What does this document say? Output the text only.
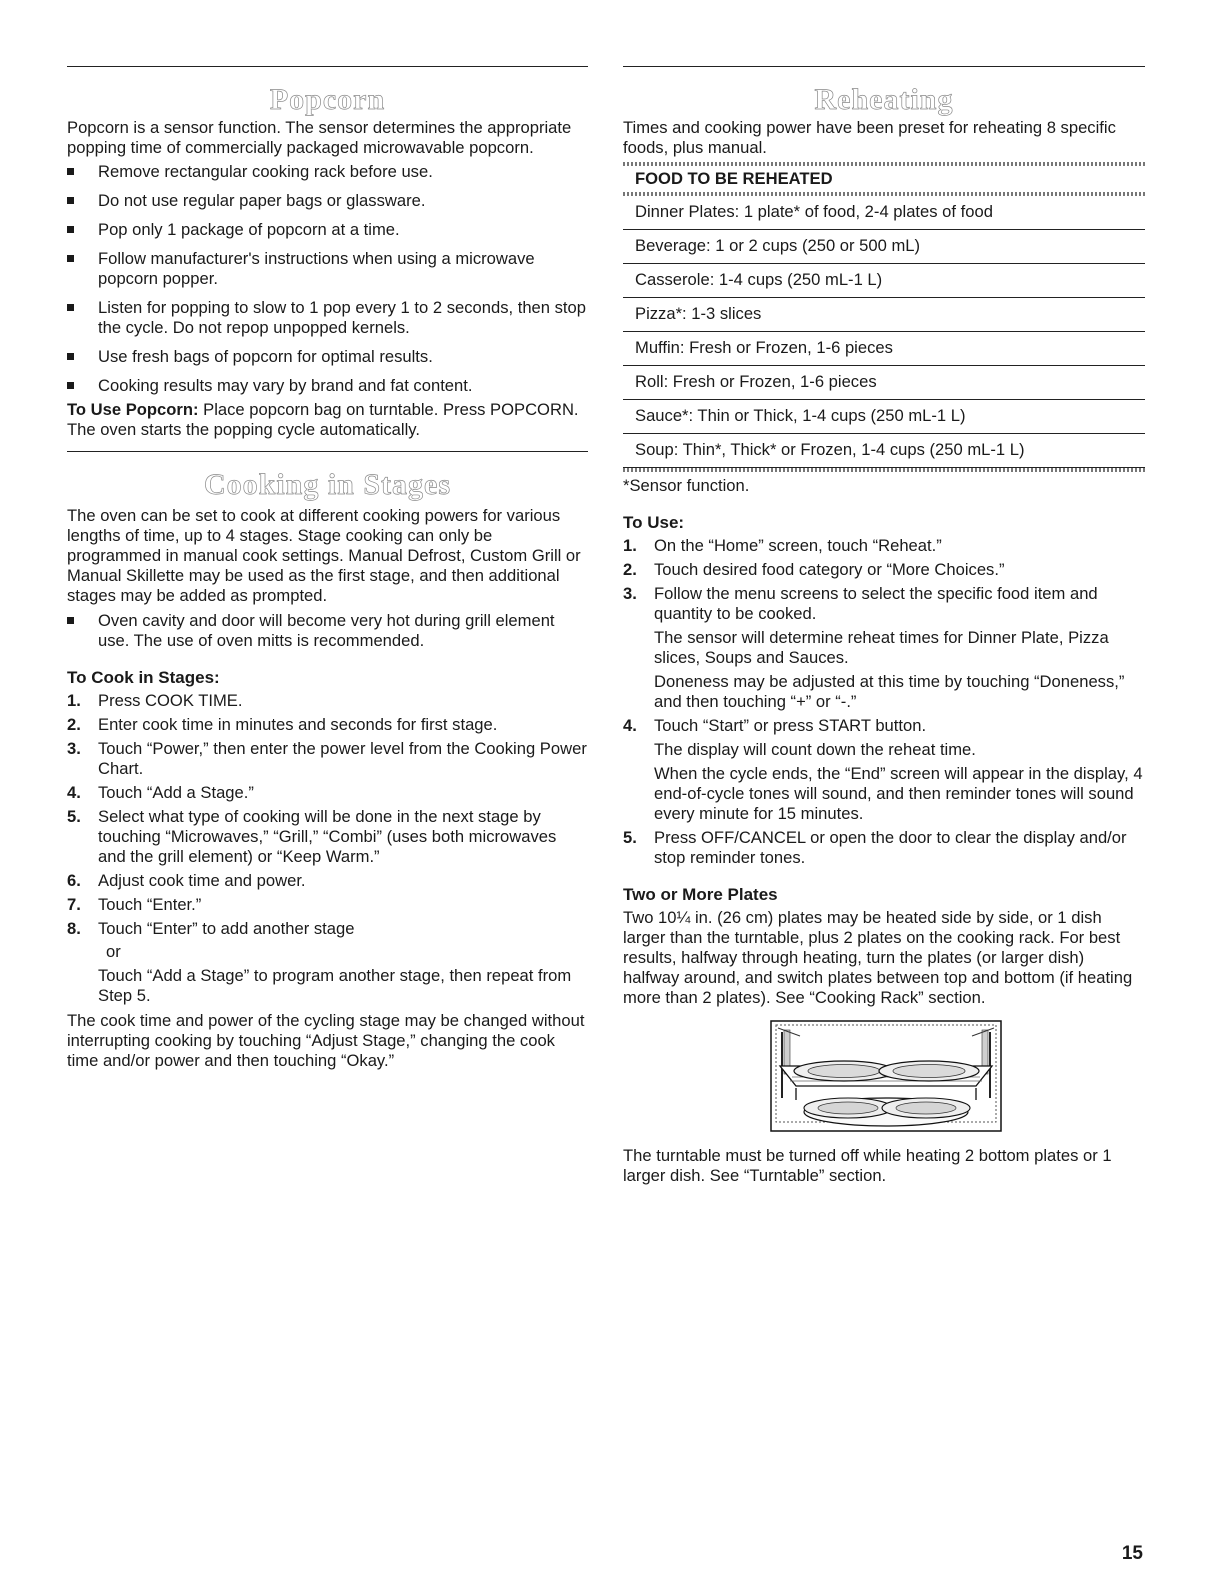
Popcorn

Popcorn is a sensor function. The sensor determines the appropriate popping time of commercially packaged microwavable popcorn.

Remove rectangular cooking rack before use.
Do not use regular paper bags or glassware.
Pop only 1 package of popcorn at a time.
Follow manufacturer's instructions when using a microwave popcorn popper.
Listen for popping to slow to 1 pop every 1 to 2 seconds, then stop the cycle. Do not repop unpopped kernels.
Use fresh bags of popcorn for optimal results.
Cooking results may vary by brand and fat content.

To Use Popcorn: Place popcorn bag on turntable. Press POPCORN. The oven starts the popping cycle automatically.

Cooking in Stages

The oven can be set to cook at different cooking powers for various lengths of time, up to 4 stages. Stage cooking can only be programmed in manual cook settings. Manual Defrost, Custom Grill or Manual Skillette may be used as the first stage, and then additional stages may be added as prompted.

Oven cavity and door will become very hot during grill element use. The use of oven mitts is recommended.
To Cook in Stages:
1. Press COOK TIME.
2. Enter cook time in minutes and seconds for first stage.
3. Touch “Power,” then enter the power level from the Cooking Power Chart.
4. Touch “Add a Stage.”
5. Select what type of cooking will be done in the next stage by touching “Microwaves,” “Grill,” “Combi” (uses both microwaves and the grill element) or “Keep Warm.”
6. Adjust cook time and power.
7. Touch “Enter.”
8. Touch “Enter” to add another stage
or
Touch “Add a Stage” to program another stage, then repeat from Step 5.

The cook time and power of the cycling stage may be changed without interrupting cooking by touching “Adjust Stage,” changing the cook time and/or power and then touching “Okay.”

Reheating

Times and cooking power have been preset for reheating 8 specific foods, plus manual.

FOOD TO BE REHEATED
Dinner Plates: 1 plate* of food, 2-4 plates of food
Beverage: 1 or 2 cups (250 or 500 mL)
Casserole: 1-4 cups (250 mL-1 L)
Pizza*: 1-3 slices
Muffin: Fresh or Frozen, 1-6 pieces
Roll: Fresh or Frozen, 1-6 pieces
Sauce*: Thin or Thick, 1-4 cups (250 mL-1 L)
Soup: Thin*, Thick* or Frozen, 1-4 cups (250 mL-1 L)

*Sensor function.

To Use:
1. On the “Home” screen, touch “Reheat.”
2. Touch desired food category or “More Choices.”
3. Follow the menu screens to select the specific food item and quantity to be cooked.
The sensor will determine reheat times for Dinner Plate, Pizza slices, Soups and Sauces.
Doneness may be adjusted at this time by touching “Doneness,” and then touching “+” or “-.”
4. Touch “Start” or press START button.
The display will count down the reheat time.
When the cycle ends, the “End” screen will appear in the display, 4 end-of-cycle tones will sound, and then reminder tones will sound every minute for 15 minutes.
5. Press OFF/CANCEL or open the door to clear the display and/or stop reminder tones.
Two or More Plates

Two 10¼ in. (26 cm) plates may be heated side by side, or 1 dish larger than the turntable, plus 2 plates on the cooking rack. For best results, halfway through heating, turn the plates (or larger dish) halfway around, and switch plates between top and bottom (if heating more than 2 plates). See “Cooking Rack” section.

The turntable must be turned off while heating 2 bottom plates or 1 larger dish. See “Turntable” section.

15
